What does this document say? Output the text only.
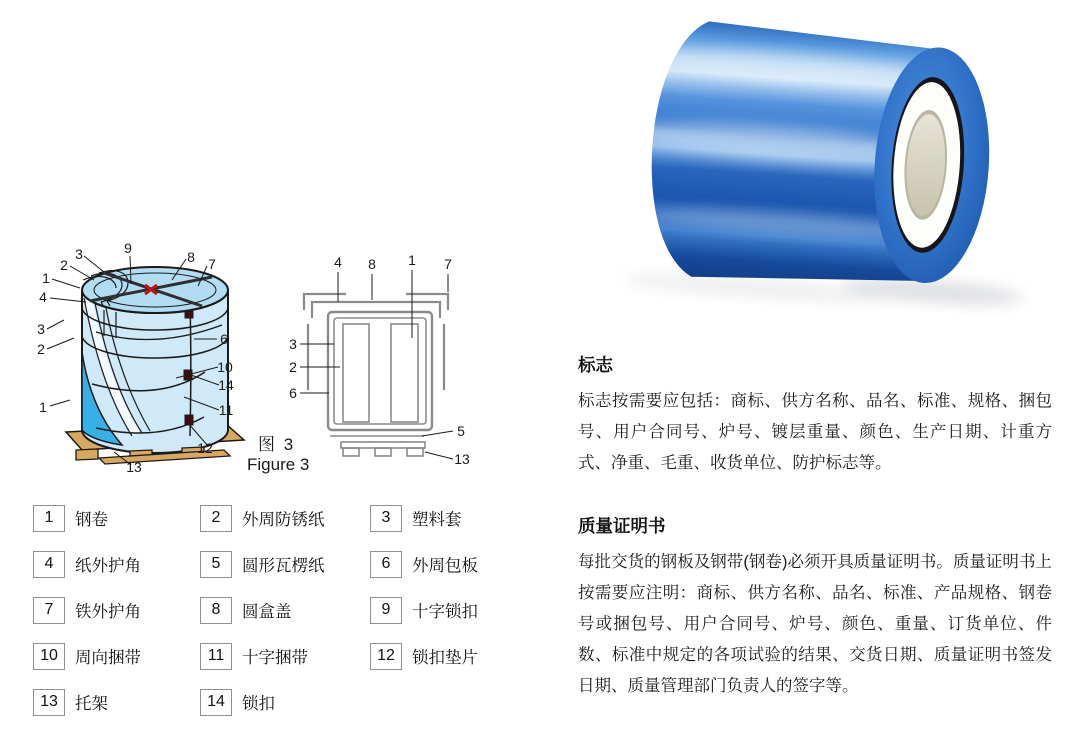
9
3
2
1
4
8 7
3
2
6
10
14
1	11
12
13
4 8 1 7
3
2
6
5
13
图 3
Figure 3
1	钢卷	2	外周防锈纸	3	塑料套
4	纸外护角	5	圆形瓦楞纸	6	外周包板
7	铁外护角	8	圆盒盖	9	十字锁扣
10	周向捆带	11	十字捆带	12	锁扣垫片
13	托架	14	锁扣
标志

标志按需要应包括：商标、供方名称、品名、标准、规格、捆包号、用户合同号、炉号、镀层重量、颜色、生产日期、计重方式、净重、毛重、收货单位、防护标志等。

质量证明书

每批交货的钢板及钢带(钢卷)必须开具质量证明书。质量证明书上按需要应注明：商标、供方名称、品名、标准、产品规格、钢卷号或捆包号、用户合同号、炉号、颜色、重量、订货单位、件数、标准中规定的各项试验的结果、交货日期、质量证明书签发日期、质量管理部门负责人的签字等。
